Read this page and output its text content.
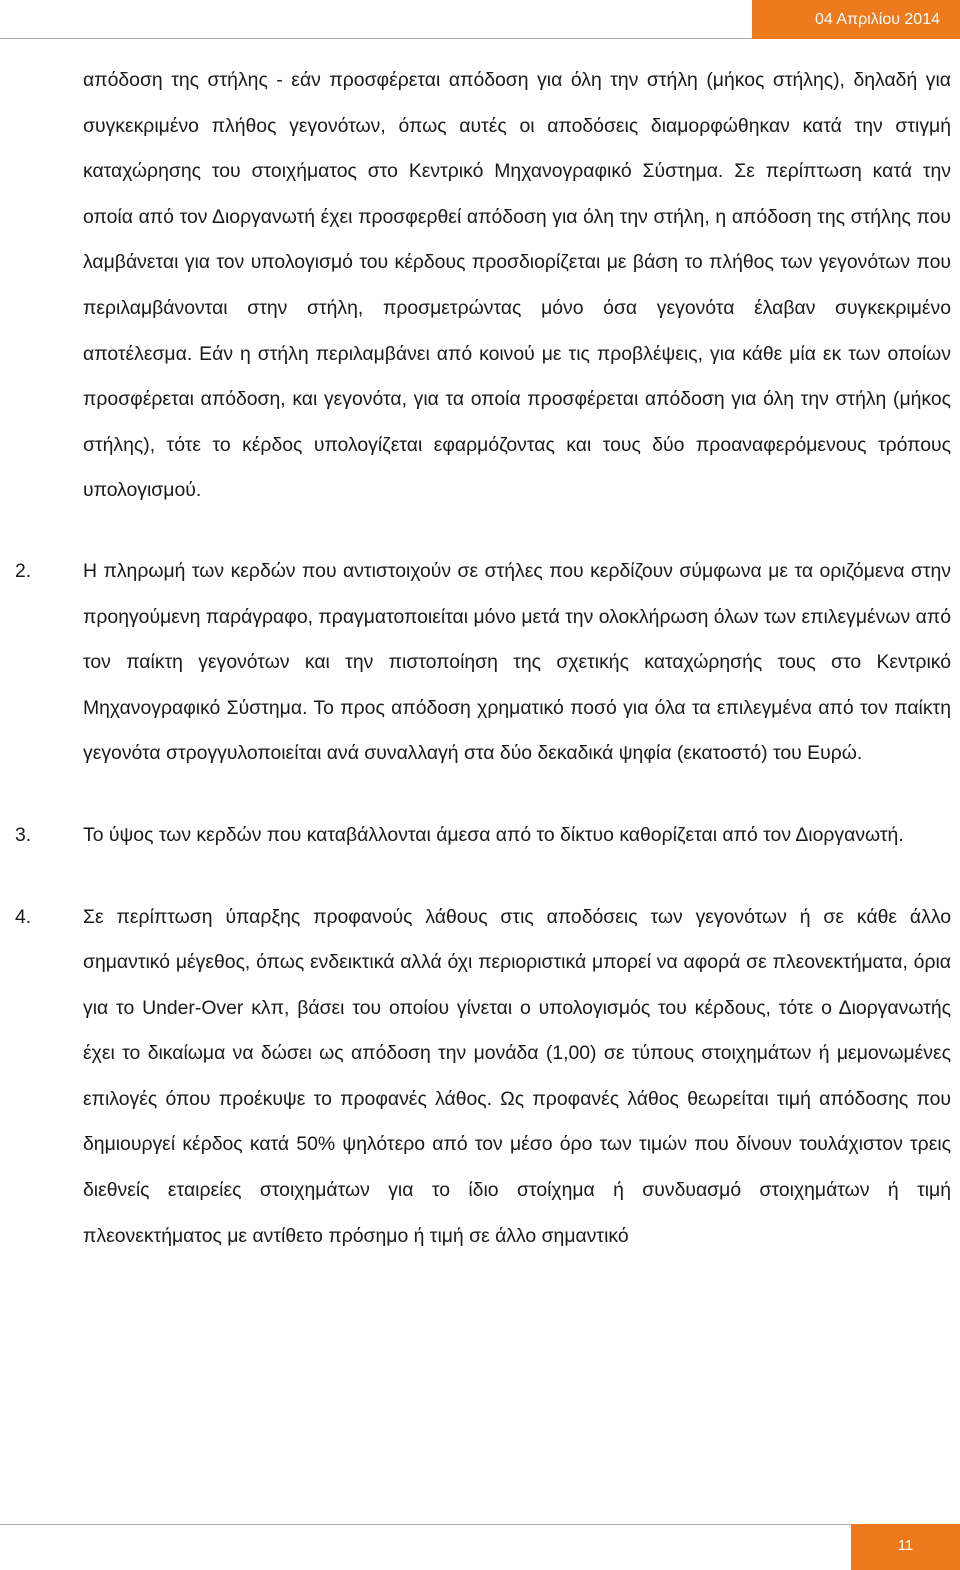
04 Απριλίου 2014

απόδοση της στήλης - εάν προσφέρεται απόδοση για όλη την στήλη (μήκος στήλης), δηλαδή για συγκεκριμένο πλήθος γεγονότων, όπως αυτές οι αποδόσεις διαμορφώθηκαν κατά την στιγμή καταχώρησης του στοιχήματος στο Κεντρικό Μηχανογραφικό Σύστημα. Σε περίπτωση κατά την οποία από τον Διοργανωτή έχει προσφερθεί απόδοση για όλη την στήλη, η απόδοση της στήλης που λαμβάνεται για τον υπολογισμό του κέρδους προσδιορίζεται με βάση το πλήθος των γεγονότων που περιλαμβάνονται στην στήλη, προσμετρώντας μόνο όσα γεγονότα έλαβαν συγκεκριμένο αποτέλεσμα. Εάν η στήλη περιλαμβάνει από κοινού με τις προβλέψεις, για κάθε μία εκ των οποίων προσφέρεται απόδοση, και γεγονότα, για τα οποία προσφέρεται απόδοση για όλη την στήλη (μήκος στήλης), τότε το κέρδος υπολογίζεται εφαρμόζοντας και τους δύο προαναφερόμενους τρόπους υπολογισμού.

2.	Η πληρωμή των κερδών που αντιστοιχούν σε στήλες που κερδίζουν σύμφωνα με τα οριζόμενα στην προηγούμενη παράγραφο, πραγματοποιείται μόνο μετά την ολοκλήρωση όλων των επιλεγμένων από τον παίκτη γεγονότων και την πιστοποίηση της σχετικής καταχώρησής τους στο Κεντρικό Μηχανογραφικό Σύστημα. Το προς απόδοση χρηματικό ποσό για όλα τα επιλεγμένα από τον παίκτη γεγονότα στρογγυλοποιείται ανά συναλλαγή στα δύο δεκαδικά ψηφία (εκατοστό) του Ευρώ.
3.	Το ύψος των κερδών που καταβάλλονται άμεσα από το δίκτυο καθορίζεται από τον Διοργανωτή.
4.	Σε περίπτωση ύπαρξης προφανούς λάθους στις αποδόσεις των γεγονότων ή σε κάθε άλλο σημαντικό μέγεθος, όπως ενδεικτικά αλλά όχι περιοριστικά μπορεί να αφορά σε πλεονεκτήματα, όρια για το Under-Over κλπ, βάσει του οποίου γίνεται ο υπολογισμός του κέρδους, τότε ο Διοργανωτής έχει το δικαίωμα να δώσει ως απόδοση την μονάδα (1,00) σε τύπους στοιχημάτων ή μεμονωμένες επιλογές όπου προέκυψε το προφανές λάθος. Ως προφανές λάθος θεωρείται τιμή απόδοσης που δημιουργεί κέρδος κατά 50% ψηλότερο από τον μέσο όρο των τιμών που δίνουν τουλάχιστον τρεις διεθνείς εταιρείες στοιχημάτων για το ίδιο στοίχημα ή συνδυασμό στοιχημάτων ή τιμή πλεονεκτήματος με αντίθετο πρόσημο ή τιμή σε άλλο σημαντικό
11
